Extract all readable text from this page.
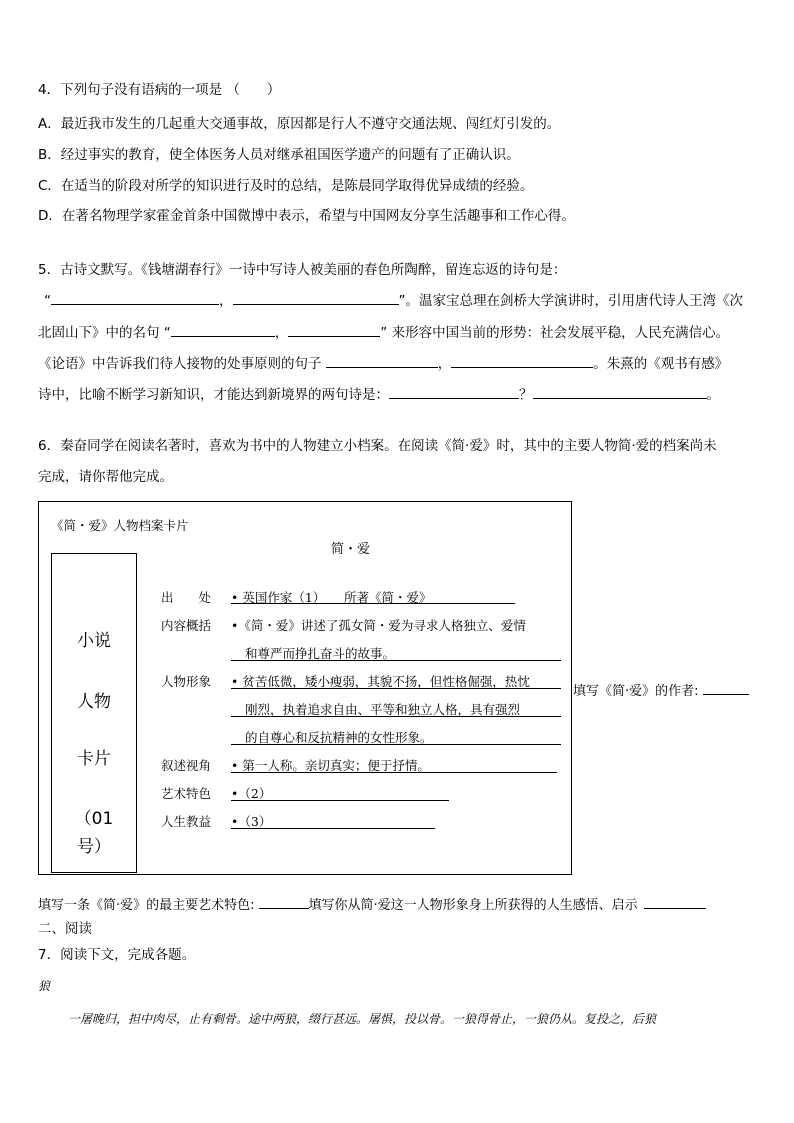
4．下列句子没有语病的一项是 （　　）
A．最近我市发生的几起重大交通事故，原因都是行人不遵守交通法规、闯红灯引发的。
B．经过事实的教育，使全体医务人员对继承祖国医学遗产的问题有了正确认识。
C．在适当的阶段对所学的知识进行及时的总结，是陈晨同学取得优异成绩的经验。
D．在著名物理学家霍金首条中国微博中表示，希望与中国网友分享生活趣事和工作心得。
5．古诗文默写。《钱塘湖春行》一诗中写诗人被美丽的春色所陶醉，留连忘返的诗句是：
“	，	”。温家宝总理在剑桥大学演讲时，引用唐代诗人王湾《次
北固山下》中的名句 “	，	” 来形容中国当前的形势：社会发展平稳，人民充满信心。
《论语》中告诉我们待人接物的处事原则的句子	，	。朱熹的《观书有感》
诗中，比喻不断学习新知识，才能达到新境界的两句诗是：	？	。
6．秦奋同学在阅读名著时，喜欢为书中的人物建立小档案。在阅读《简·爱》时，其中的主要人物简·爱的档案尚未
完成，请你帮他完成。
《简・爱》人物档案卡片
简・爱
小说
人物
卡片
（01
号）
出　　处 • 英国作家（1）　　所著《简・爱》
内容概括 •《简・爱》讲述了孤女简・爱为寻求人格独立、爱情
和尊严而挣扎奋斗的故事。
人物形象 • 贫苦低微，矮小瘦弱，其貌不扬，但性格倔强，热忱
刚烈，执着追求自由、平等和独立人格，具有强烈
的自尊心和反抗精神的女性形象。
叙述视角 • 第一人称。亲切真实；便于抒情。
艺术特色 •（2）
人生教益 •（3）
填写《简·爱》的作者:
填写一条《简·爱》的最主要艺术特色:	填写你从简·爱这一人物形象身上所获得的人生感悟、启示
二、阅读
7．阅读下文，完成各题。
狼
一屠晚归，担中肉尽，止有剩骨。途中两狼，缀行甚远。屠惧，投以骨。一狼得骨止，一狼仍从。复投之，后狼
